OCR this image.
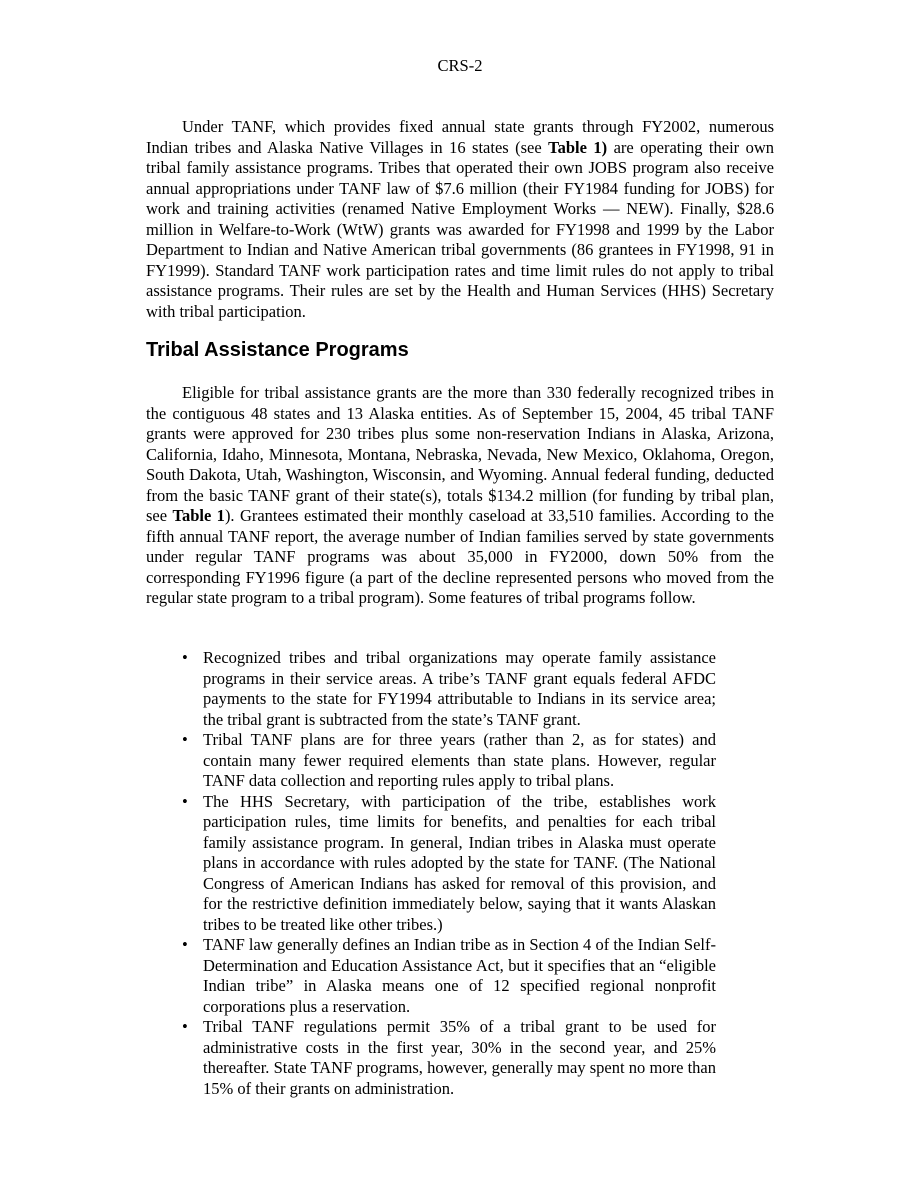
CRS-2

Under TANF, which provides fixed annual state grants through FY2002, numerous Indian tribes and Alaska Native Villages in 16 states (see Table 1) are operating their own tribal family assistance programs. Tribes that operated their own JOBS program also receive annual appropriations under TANF law of $7.6 million (their FY1984 funding for JOBS) for work and training activities (renamed Native Employment Works — NEW). Finally, $28.6 million in Welfare-to-Work (WtW) grants was awarded for FY1998 and 1999 by the Labor Department to Indian and Native American tribal governments (86 grantees in FY1998, 91 in FY1999). Standard TANF work participation rates and time limit rules do not apply to tribal assistance programs. Their rules are set by the Health and Human Services (HHS) Secretary with tribal participation.

Tribal Assistance Programs

Eligible for tribal assistance grants are the more than 330 federally recognized tribes in the contiguous 48 states and 13 Alaska entities. As of September 15, 2004, 45 tribal TANF grants were approved for 230 tribes plus some non-reservation Indians in Alaska, Arizona, California, Idaho, Minnesota, Montana, Nebraska, Nevada, New Mexico, Oklahoma, Oregon, South Dakota, Utah, Washington, Wisconsin, and Wyoming. Annual federal funding, deducted from the basic TANF grant of their state(s), totals $134.2 million (for funding by tribal plan, see Table 1). Grantees estimated their monthly caseload at 33,510 families. According to the fifth annual TANF report, the average number of Indian families served by state governments under regular TANF programs was about 35,000 in FY2000, down 50% from the corresponding FY1996 figure (a part of the decline represented persons who moved from the regular state program to a tribal program). Some features of tribal programs follow.

• Recognized tribes and tribal organizations may operate family assistance programs in their service areas. A tribe’s TANF grant equals federal AFDC payments to the state for FY1994 attributable to Indians in its service area; the tribal grant is subtracted from the state’s TANF grant.
• Tribal TANF plans are for three years (rather than 2, as for states) and contain many fewer required elements than state plans. However, regular TANF data collection and reporting rules apply to tribal plans.
• The HHS Secretary, with participation of the tribe, establishes work participation rules, time limits for benefits, and penalties for each tribal family assistance program. In general, Indian tribes in Alaska must operate plans in accordance with rules adopted by the state for TANF. (The National Congress of American Indians has asked for removal of this provision, and for the restrictive definition immediately below, saying that it wants Alaskan tribes to be treated like other tribes.)
• TANF law generally defines an Indian tribe as in Section 4 of the Indian Self-Determination and Education Assistance Act, but it specifies that an “eligible Indian tribe” in Alaska means one of 12 specified regional nonprofit corporations plus a reservation.
• Tribal TANF regulations permit 35% of a tribal grant to be used for administrative costs in the first year, 30% in the second year, and 25% thereafter. State TANF programs, however, generally may spent no more than 15% of their grants on administration.
